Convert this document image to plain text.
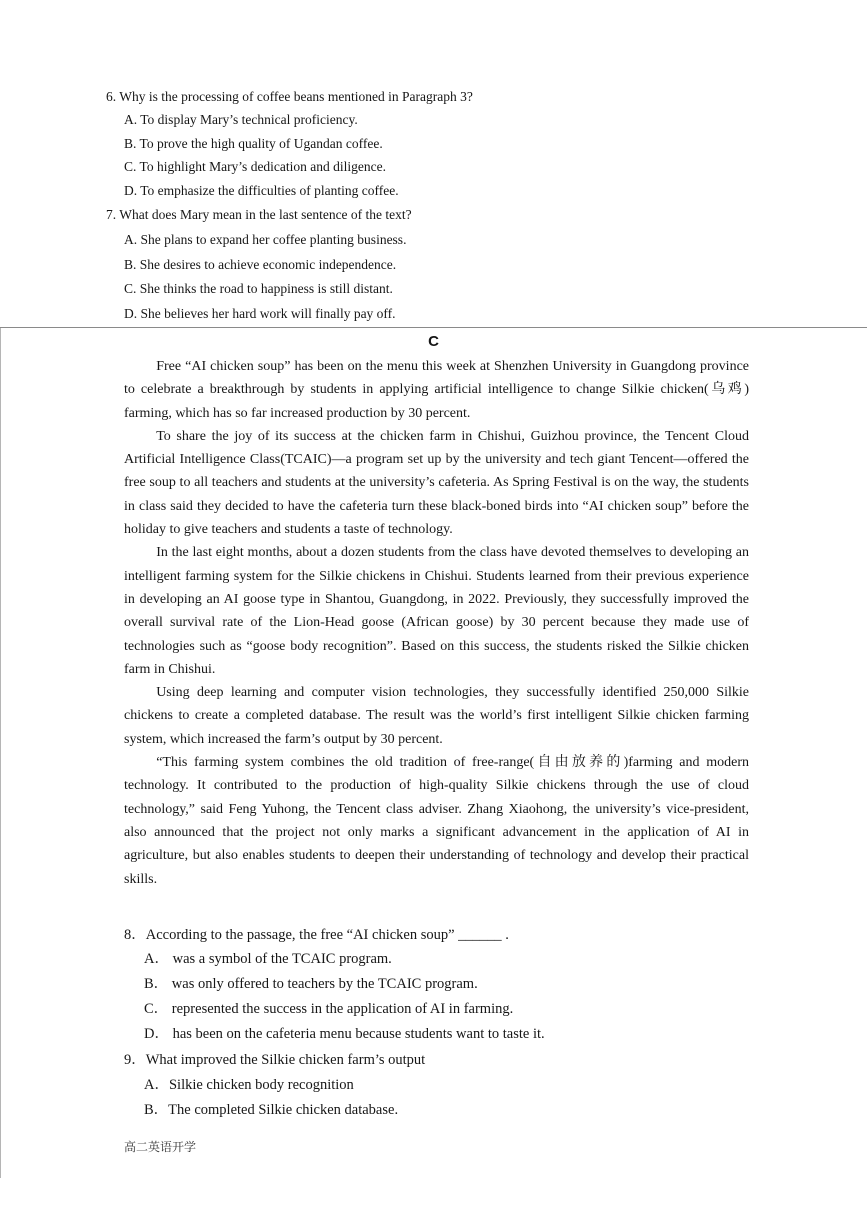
6. Why is the processing of coffee beans mentioned in Paragraph 3?
A. To display Mary’s technical proficiency.
B. To prove the high quality of Ugandan coffee.
C. To highlight Mary’s dedication and diligence.
D. To emphasize the difficulties of planting coffee.
7. What does Mary mean in the last sentence of the text?
A. She plans to expand her coffee planting business.
B. She desires to achieve economic independence.
C. She thinks the road to happiness is still distant.
D. She believes her hard work will finally pay off.
C

Free “AI chicken soup” has been on the menu this week at Shenzhen University in Guangdong province to celebrate a breakthrough by students in applying artificial intelligence to change Silkie chicken(乌鸡) farming, which has so far increased production by 30 percent.

To share the joy of its success at the chicken farm in Chishui, Guizhou province, the Tencent Cloud Artificial Intelligence Class(TCAIC)—a program set up by the university and tech giant Tencent—offered the free soup to all teachers and students at the university’s cafeteria. As Spring Festival is on the way, the students in class said they decided to have the cafeteria turn these black-boned birds into “AI chicken soup” before the holiday to give teachers and students a taste of technology.

In the last eight months, about a dozen students from the class have devoted themselves to developing an intelligent farming system for the Silkie chickens in Chishui. Students learned from their previous experience in developing an AI goose type in Shantou, Guangdong, in 2022. Previously, they successfully improved the overall survival rate of the Lion-Head goose (African goose) by 30 percent because they made use of technologies such as “goose body recognition”. Based on this success, the students risked the Silkie chicken farm in Chishui.

Using deep learning and computer vision technologies, they successfully identified 250,000 Silkie chickens to create a completed database. The result was the world’s first intelligent Silkie chicken farming system, which increased the farm’s output by 30 percent.

“This farming system combines the old tradition of free-range(自由放养的)farming and modern technology. It contributed to the production of high-quality Silkie chickens through the use of cloud technology,” said Feng Yuhong, the Tencent class adviser. Zhang Xiaohong, the university’s vice-president, also announced that the project not only marks a significant advancement in the application of AI in agriculture, but also enables students to deepen their understanding of technology and develop their practical skills.

8．According to the passage, the free “AI chicken soup” ______ .
A． was a symbol of the TCAIC program.
B． was only offered to teachers by the TCAIC program.
C． represented the success in the application of AI in farming.
D． has been on the cafeteria menu because students want to taste it.
9．What improved the Silkie chicken farm’s output
A．Silkie chicken body recognition
B．The completed Silkie chicken database.
高二英语开学
